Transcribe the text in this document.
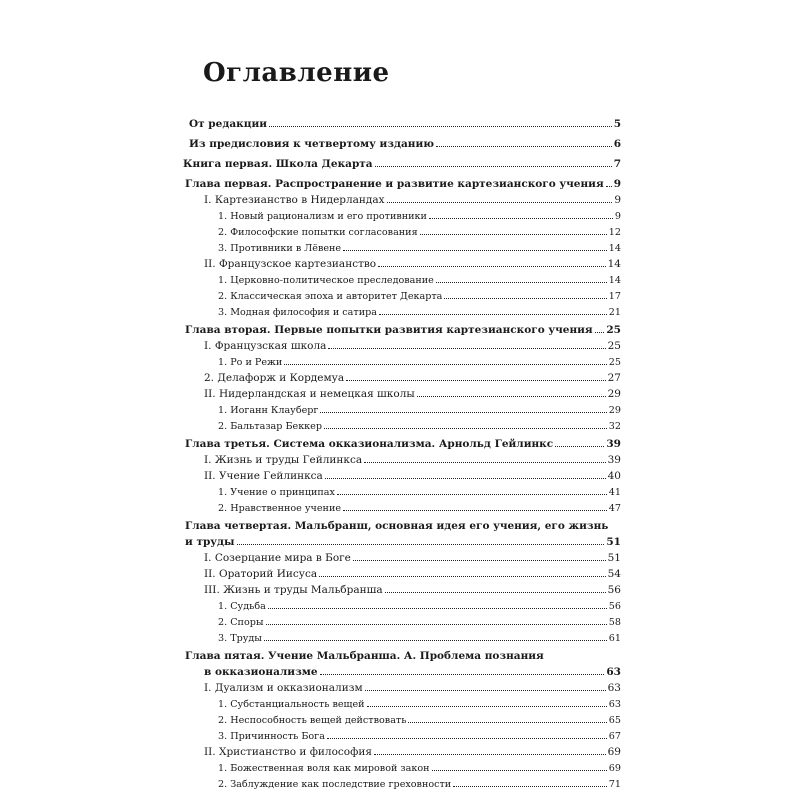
Оглавление
От редакции	5
Из предисловия к четвертому изданию	6
Книга первая. Школа Декарта	7
Глава первая. Распространение и развитие картезианского учения 9
I. Картезианство в Нидерландах	9
1. Новый рационализм и его противники	9
2. Философские попытки согласования	12
3. Противники в Лёвене	14
II. Французское картезианство	14
1. Церковно-политическое преследование	14
2. Классическая эпоха и авторитет Декарта	17
3. Модная философия и сатира	21
Глава вторая. Первые попытки развития картезианского учения 25
I. Французская школа	25
1. Ро и Режи	25
2. Делафорж и Кордемуа	27
II. Нидерландская и немецкая школы	29
1. Иоганн Клауберг	29
2. Бальтазар Беккер	32
Глава третья. Система окказионализма. Арнольд Гейлинкс	39
I. Жизнь и труды Гейлинкса	39
II. Учение Гейлинкса	40
1. Учение о принципах	41
2. Нравственное учение	47
Глава четвертая. Мальбранш, основная идея его учения, его жизнь
и труды	51
I. Созерцание мира в Боге	51
II. Ораторий Иисуса	54
III. Жизнь и труды Мальбранша	56
1. Судьба	56
2. Споры	58
3. Труды	61
Глава пятая. Учение Мальбранша. А. Проблема познания
в окказионализме	63
I. Дуализм и окказионализм	63
1. Субстанциальность вещей	63
2. Неспособность вещей действовать	65
3. Причинность Бога	67
II. Христианство и философия	69
1. Божественная воля как мировой закон	69
2. Заблуждение как последствие греховности	71
